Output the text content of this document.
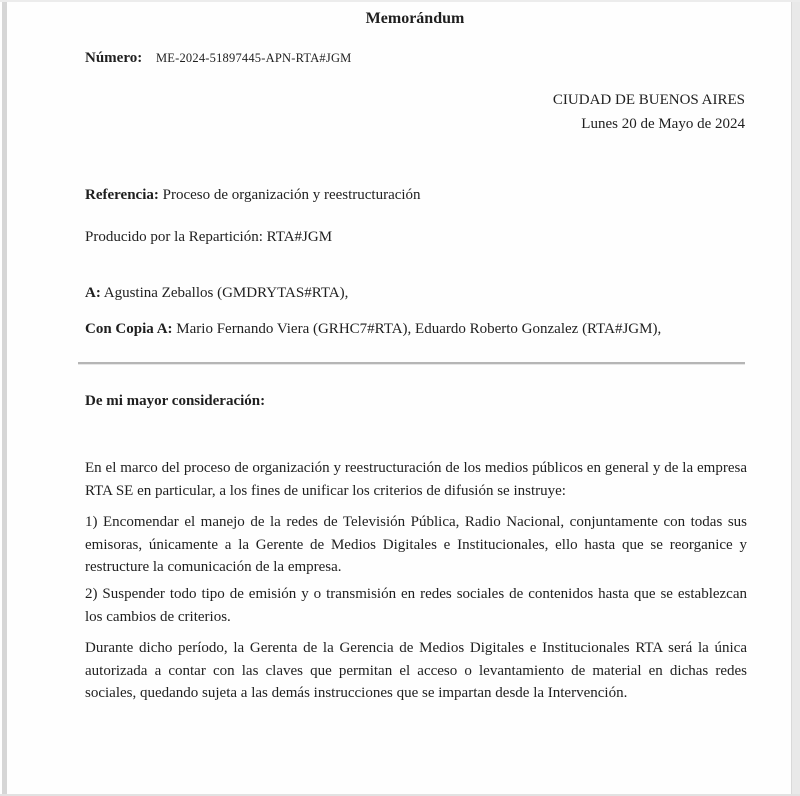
Memorándum
Número: ME-2024-51897445-APN-RTA#JGM
CIUDAD DE BUENOS AIRES
Lunes 20 de Mayo de 2024
Referencia: Proceso de organización y reestructuración
Producido por la Repartición: RTA#JGM
A: Agustina Zeballos (GMDRYTAS#RTA),
Con Copia A: Mario Fernando Viera (GRHC7#RTA), Eduardo Roberto Gonzalez (RTA#JGM),
De mi mayor consideración:
En el marco del proceso de organización y reestructuración de los medios públicos en general y de la empresa RTA SE en particular, a los fines de unificar los criterios de difusión se instruye:
1) Encomendar el manejo de la redes de Televisión Pública, Radio Nacional, conjuntamente con todas sus emisoras, únicamente a la Gerente de Medios Digitales e Institucionales, ello hasta que se reorganice y restructure la comunicación de la empresa.
2) Suspender todo tipo de emisión y o transmisión en redes sociales de contenidos hasta que se establezcan los cambios de criterios.
Durante dicho período, la Gerenta de la Gerencia de Medios Digitales e Institucionales RTA será la única autorizada a contar con las claves que permitan el acceso o levantamiento de material en dichas redes sociales, quedando sujeta a las demás instrucciones que se impartan desde la Intervención.
